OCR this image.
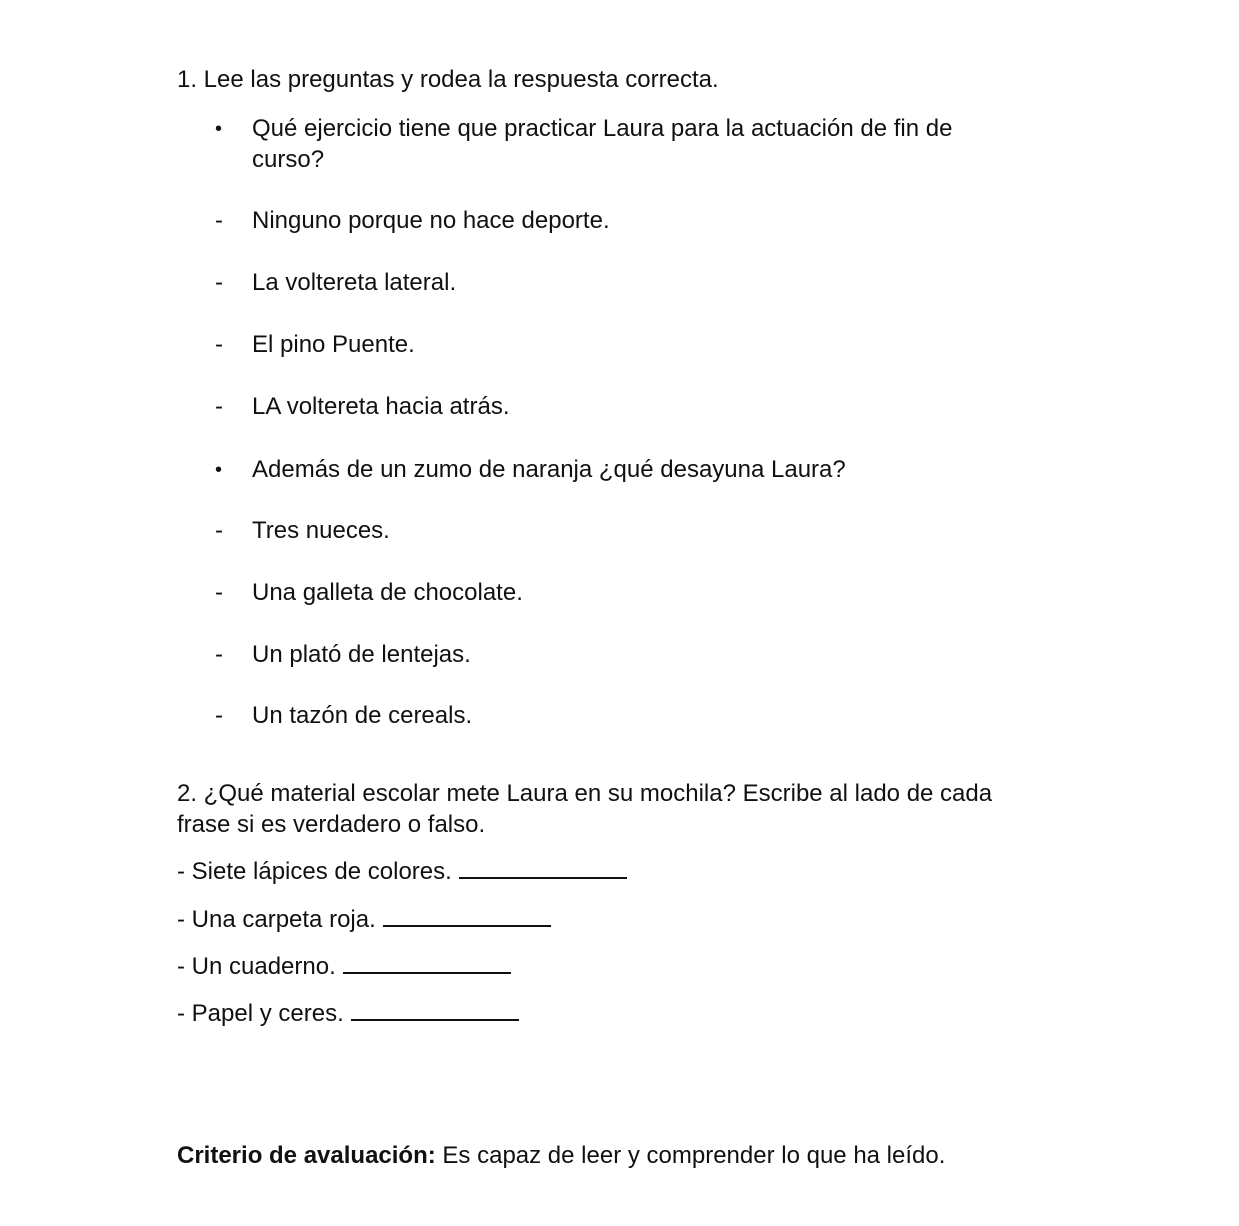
1. Lee las preguntas y rodea la respuesta correcta.
•	Qué ejercicio tiene que practicar Laura para la actuación de fin de curso?
-	Ninguno porque no hace deporte.
-	La voltereta lateral.
-	El pino Puente.
-	LA voltereta hacia atrás.
•	Además de un zumo de naranja ¿qué desayuna Laura?
-	Tres nueces.
-	Una galleta de chocolate.
-	Un plató de lentejas.
-	Un tazón de cereals.
2. ¿Qué material escolar mete Laura en su mochila? Escribe al lado de cada frase si es verdadero o falso.
- Siete lápices de colores.
- Una carpeta roja.
- Un cuaderno.
- Papel y ceres.
Criterio de avaluación: Es capaz de leer y comprender lo que ha leído.
